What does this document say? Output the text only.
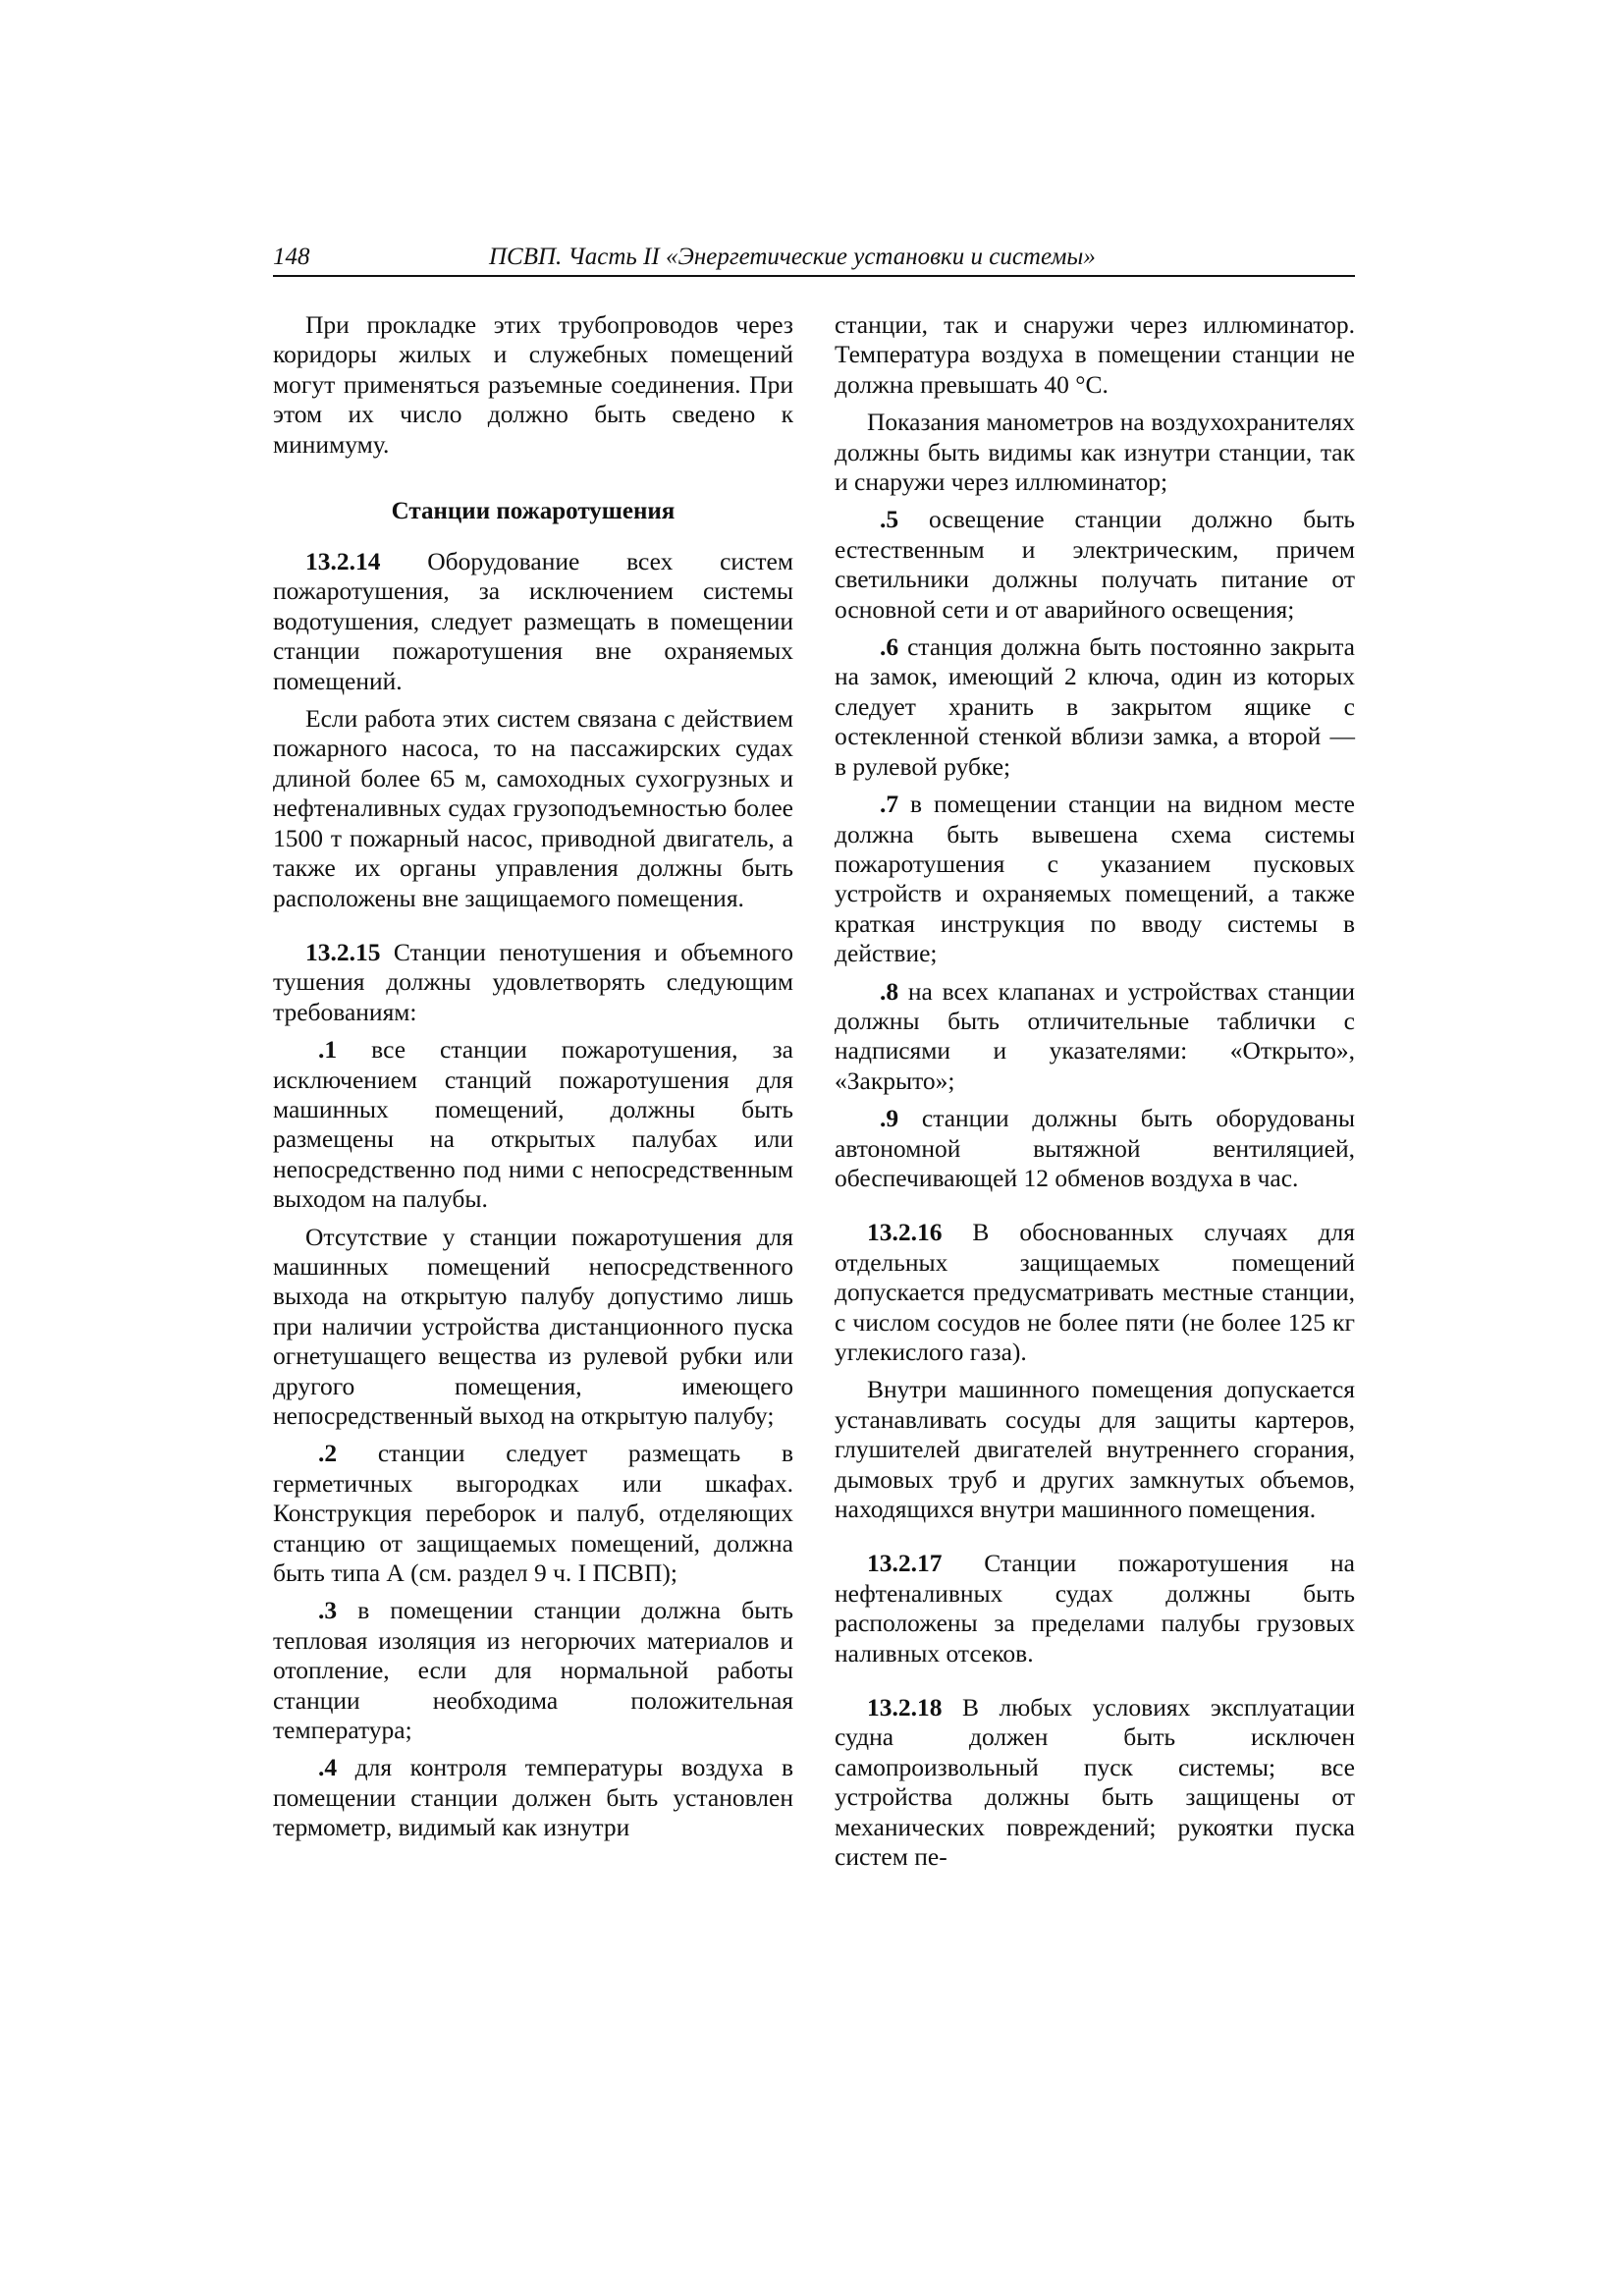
148	ПСВП. Часть II «Энергетические установки и системы»

При прокладке этих трубопроводов через коридоры жилых и служебных помещений могут применяться разъемные соединения. При этом их число должно быть сведено к минимуму.

Станции пожаротушения

13.2.14 Оборудование всех систем пожаротушения, за исключением системы водотушения, следует размещать в помещении станции пожаротушения вне охраняемых помещений.

Если работа этих систем связана с действием пожарного насоса, то на пассажирских судах длиной более 65 м, самоходных сухогрузных и нефтеналивных судах грузоподъемностью более 1500 т пожарный насос, приводной двигатель, а также их органы управления должны быть расположены вне защищаемого помещения.

13.2.15 Станции пенотушения и объемного тушения должны удовлетворять следующим требованиям:

.1 все станции пожаротушения, за исключением станций пожаротушения для машинных помещений, должны быть размещены на открытых палубах или непосредственно под ними с непосредственным выходом на палубы.

Отсутствие у станции пожаротушения для машинных помещений непосредственного выхода на открытую палубу допустимо лишь при наличии устройства дистанционного пуска огнетушащего вещества из рулевой рубки или другого помещения, имеющего непосредственный выход на открытую палубу;

.2 станции следует размещать в герметичных выгородках или шкафах. Конструкция переборок и палуб, отделяющих станцию от защищаемых помещений, должна быть типа А (см. раздел 9 ч. I ПСВП);

.3 в помещении станции должна быть тепловая изоляция из негорючих материалов и отопление, если для нормальной работы станции необходима положительная температура;

.4 для контроля температуры воздуха в помещении станции должен быть установлен термометр, видимый как изнутри

станции, так и снаружи через иллюминатор. Температура воздуха в помещении станции не должна превышать 40 °С.

Показания манометров на воздухохранителях должны быть видимы как изнутри станции, так и снаружи через иллюминатор;

.5 освещение станции должно быть естественным и электрическим, причем светильники должны получать питание от основной сети и от аварийного освещения;

.6 станция должна быть постоянно закрыта на замок, имеющий 2 ключа, один из которых следует хранить в закрытом ящике с остекленной стенкой вблизи замка, а второй — в рулевой рубке;

.7 в помещении станции на видном месте должна быть вывешена схема системы пожаротушения с указанием пусковых устройств и охраняемых помещений, а также краткая инструкция по вводу системы в действие;

.8 на всех клапанах и устройствах станции должны быть отличительные таблички с надписями и указателями: «Открыто», «Закрыто»;

.9 станции должны быть оборудованы автономной вытяжной вентиляцией, обеспечивающей 12 обменов воздуха в час.

13.2.16 В обоснованных случаях для отдельных защищаемых помещений допускается предусматривать местные станции, с числом сосудов не более пяти (не более 125 кг углекислого газа).

Внутри машинного помещения допускается устанавливать сосуды для защиты картеров, глушителей двигателей внутреннего сгорания, дымовых труб и других замкнутых объемов, находящихся внутри машинного помещения.

13.2.17 Станции пожаротушения на нефтеналивных судах должны быть расположены за пределами палубы грузовых наливных отсеков.

13.2.18 В любых условиях эксплуатации судна должен быть исключен самопроизвольный пуск системы; все устройства должны быть защищены от механических повреждений; рукоятки пуска систем пе-
